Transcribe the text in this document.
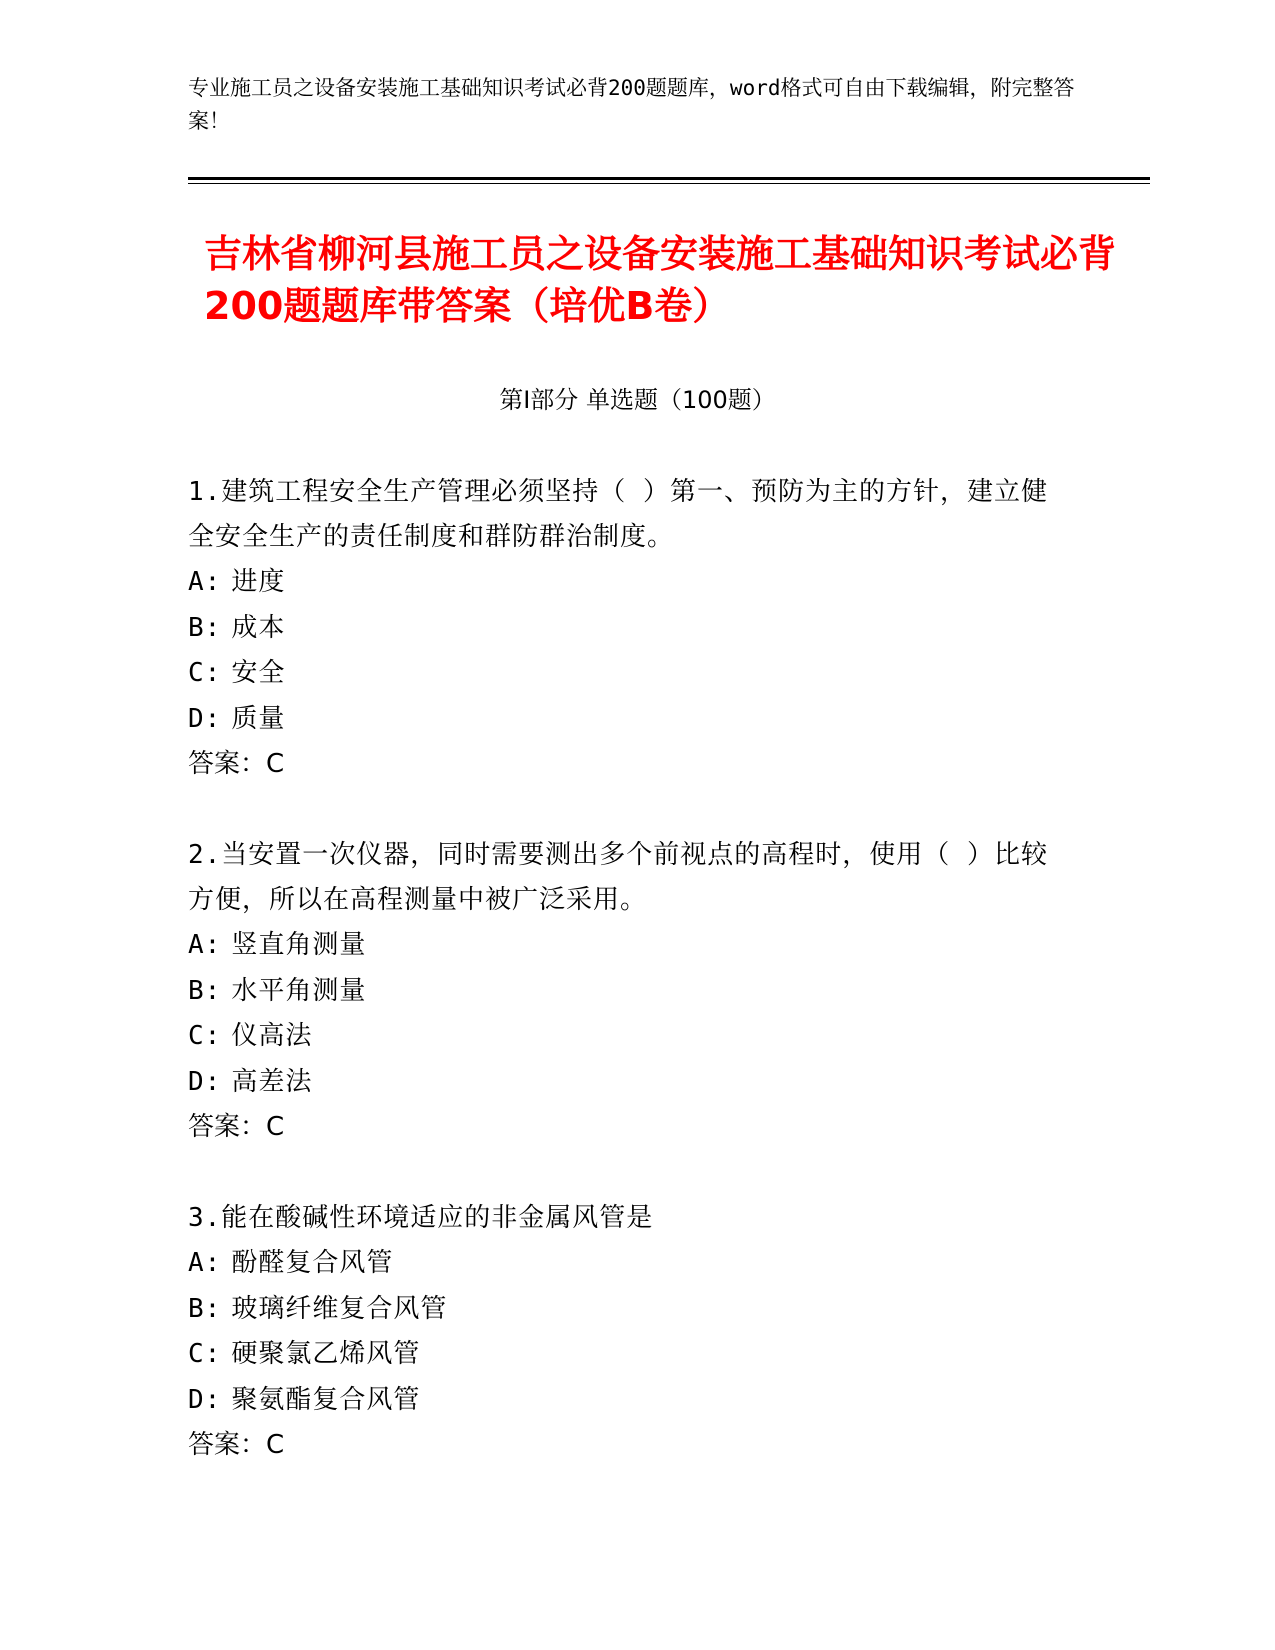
专业施工员之设备安装施工基础知识考试必背200题题库，word格式可自由下载编辑，附完整答案！
吉林省柳河县施工员之设备安装施工基础知识考试必背200题题库带答案（培优B卷）
第Ⅰ部分 单选题（100题）
1.建筑工程安全生产管理必须坚持（ ）第一、预防为主的方针，建立健全安全生产的责任制度和群防群治制度。
A: 进度
B: 成本
C: 安全
D: 质量
答案：C
2.当安置一次仪器，同时需要测出多个前视点的高程时，使用（ ）比较方便，所以在高程测量中被广泛采用。
A: 竖直角测量
B: 水平角测量
C: 仪高法
D: 高差法
答案：C
3.能在酸碱性环境适应的非金属风管是
A: 酚醛复合风管
B: 玻璃纤维复合风管
C: 硬聚氯乙烯风管
D: 聚氨酯复合风管
答案：C
